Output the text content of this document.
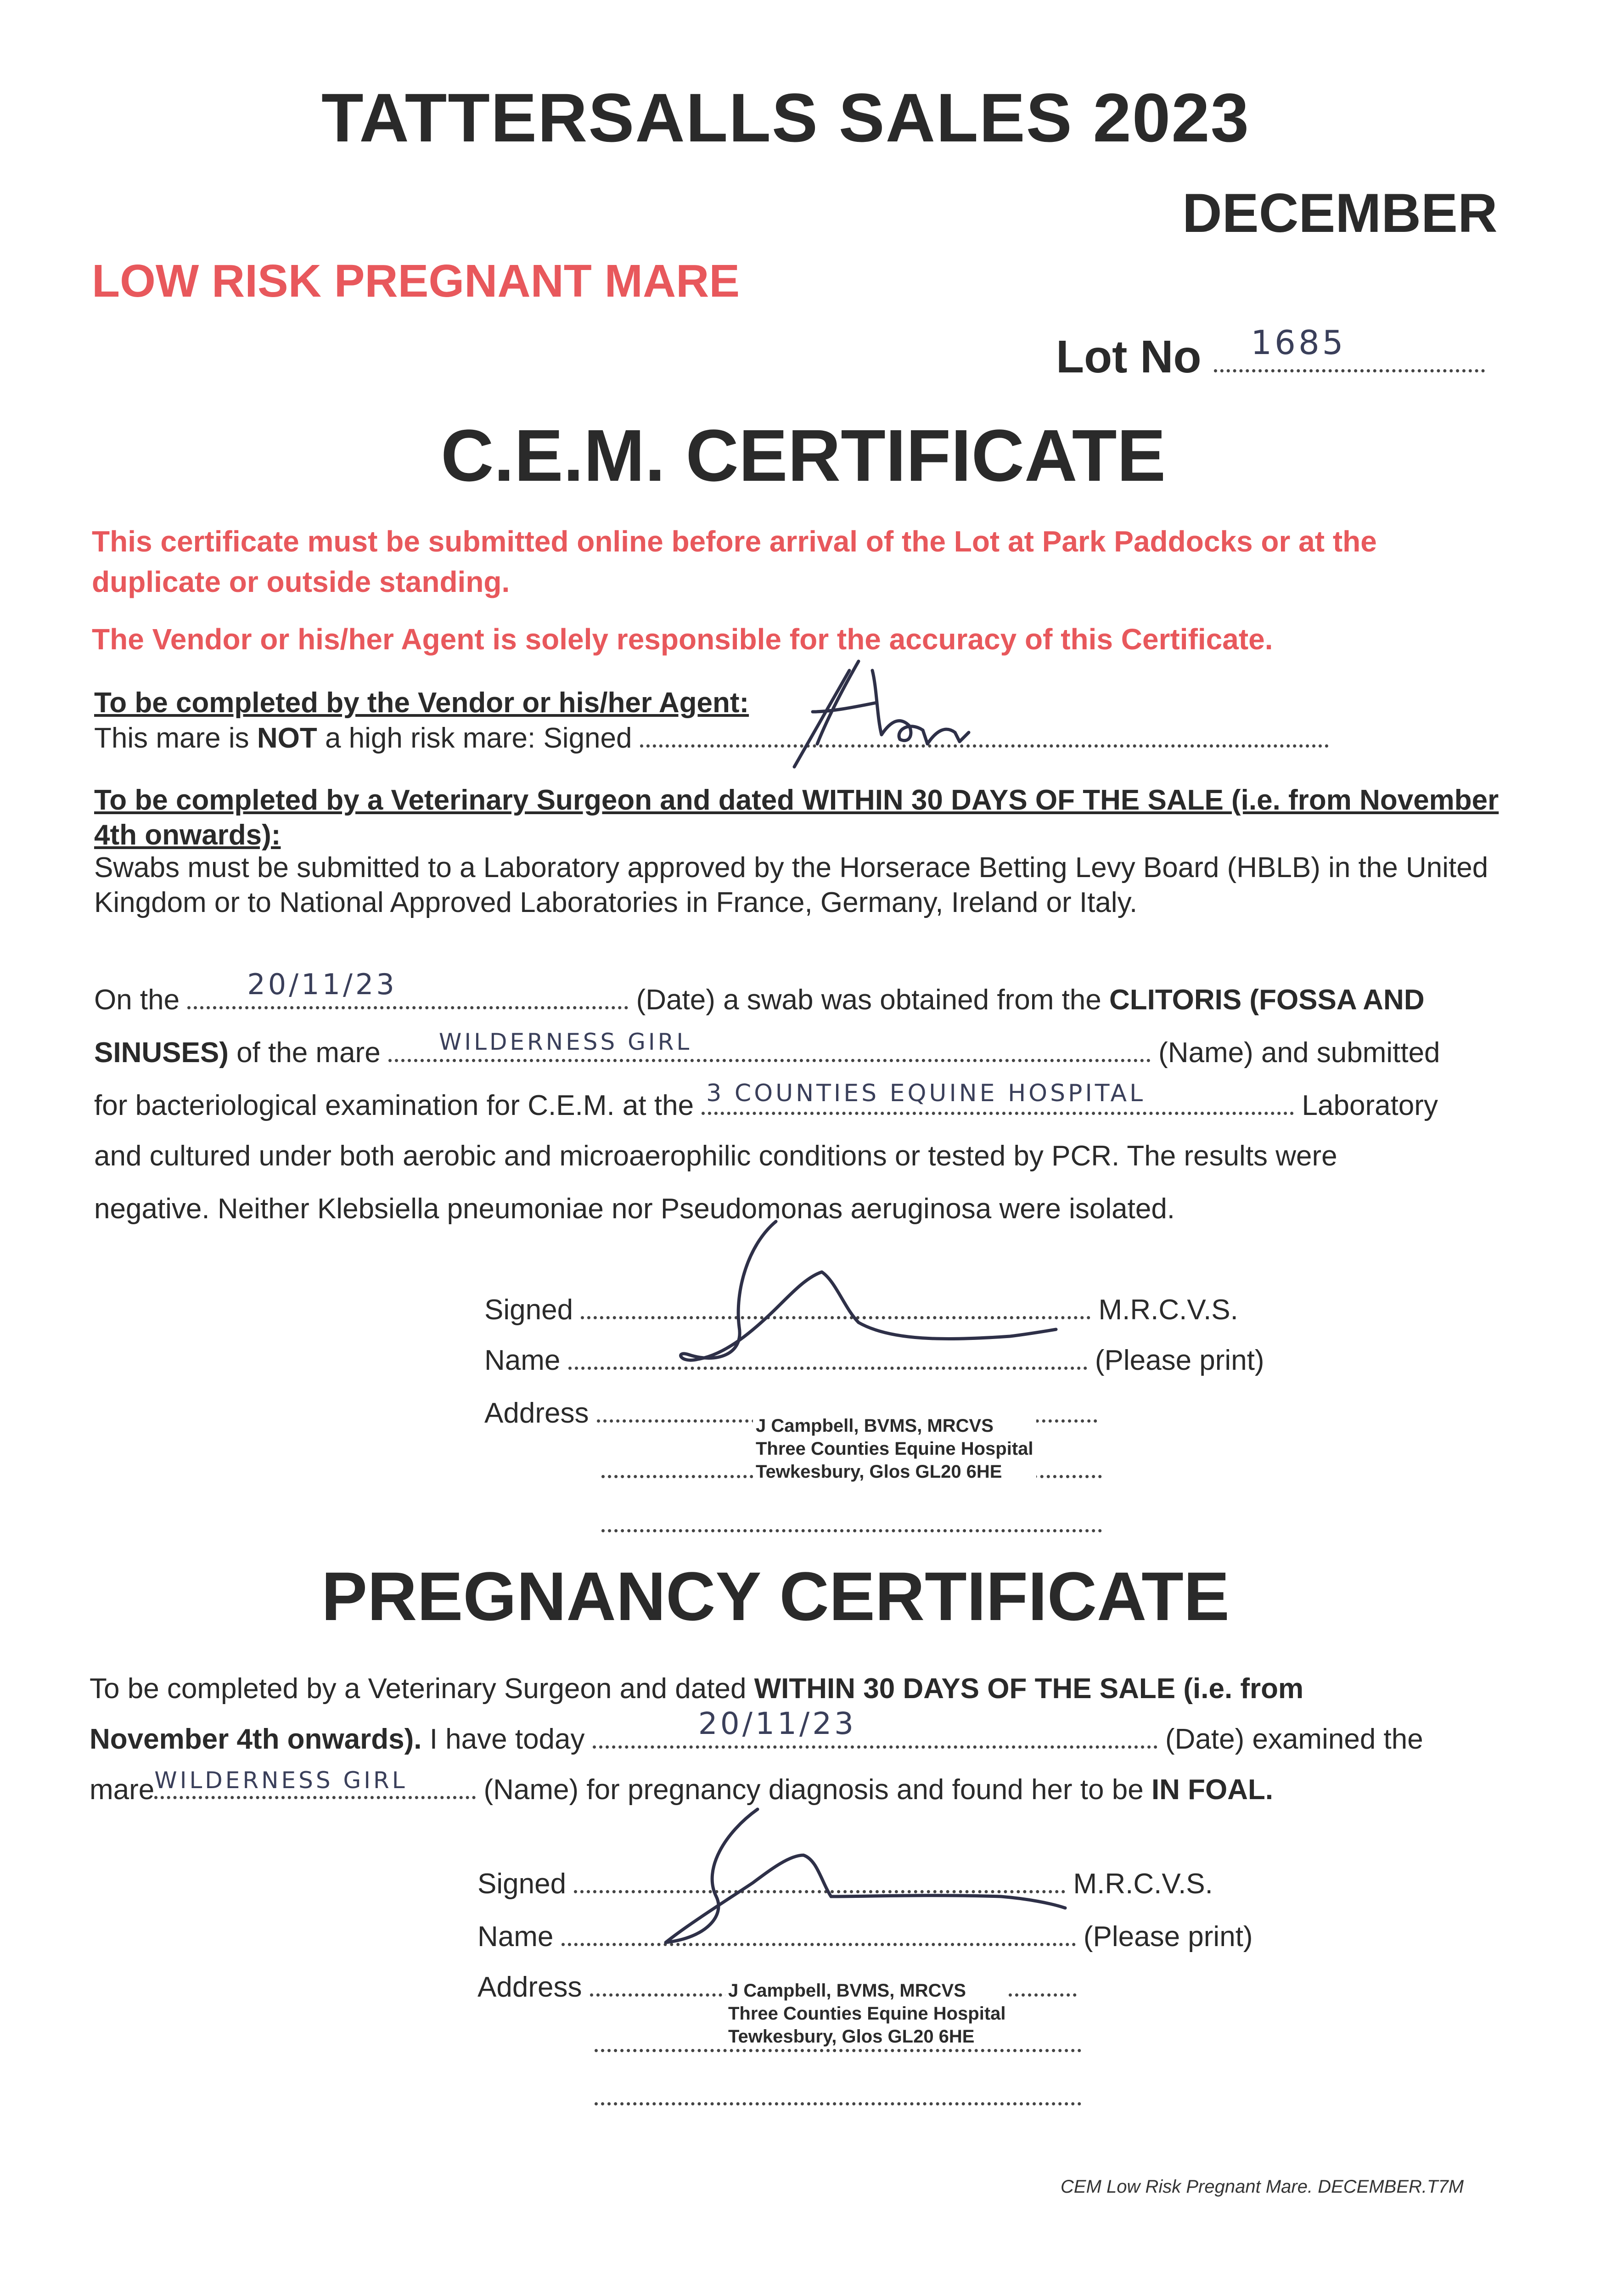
TATTERSALLS SALES 2023
DECEMBER
LOW RISK PREGNANT MARE
Lot No 1685
C.E.M. CERTIFICATE
This certificate must be submitted online before arrival of the Lot at Park Paddocks or at the duplicate or outside standing.
The Vendor or his/her Agent is solely responsible for the accuracy of this Certificate.
To be completed by the Vendor or his/her Agent:
This mare is NOT a high risk mare: Signed
To be completed by a Veterinary Surgeon and dated WITHIN 30 DAYS OF THE SALE (i.e. from November 4th onwards):
Swabs must be submitted to a Laboratory approved by the Horserace Betting Levy Board (HBLB) in the United Kingdom or to National Approved Laboratories in France, Germany, Ireland or Italy.
On the 20/11/23	(Date) a swab was obtained from the CLITORIS (FOSSA AND
SINUSES) of the mare	WILDERNESS GIRL	(Name) and submitted
for bacteriological examination for C.E.M. at the 3 COUNTIES EQUINE HOSPITAL	Laboratory
and cultured under both aerobic and microaerophilic conditions or tested by PCR. The results were
negative. Neither Klebsiella pneumoniae nor Pseudomonas aeruginosa were isolated.
Signed	M.R.C.V.S.
Name	(Please print)
Address	J Campbell, BVMS, MRCVS
Three Counties Equine Hospital
Tewkesbury, Glos GL20 6HE
PREGNANCY CERTIFICATE
To be completed by a Veterinary Surgeon and dated WITHIN 30 DAYS OF THE SALE (i.e. from
November 4th onwards). I have today	20/11/23	(Date) examined the
mare WILDERNESS GIRL	(Name) for pregnancy diagnosis and found her to be IN FOAL.
Signed	M.R.C.V.S.
Name	(Please print)
Address	J Campbell, BVMS, MRCVS
Three Counties Equine Hospital
Tewkesbury, Glos GL20 6HE
CEM Low Risk Pregnant Mare. DECEMBER.T7M
